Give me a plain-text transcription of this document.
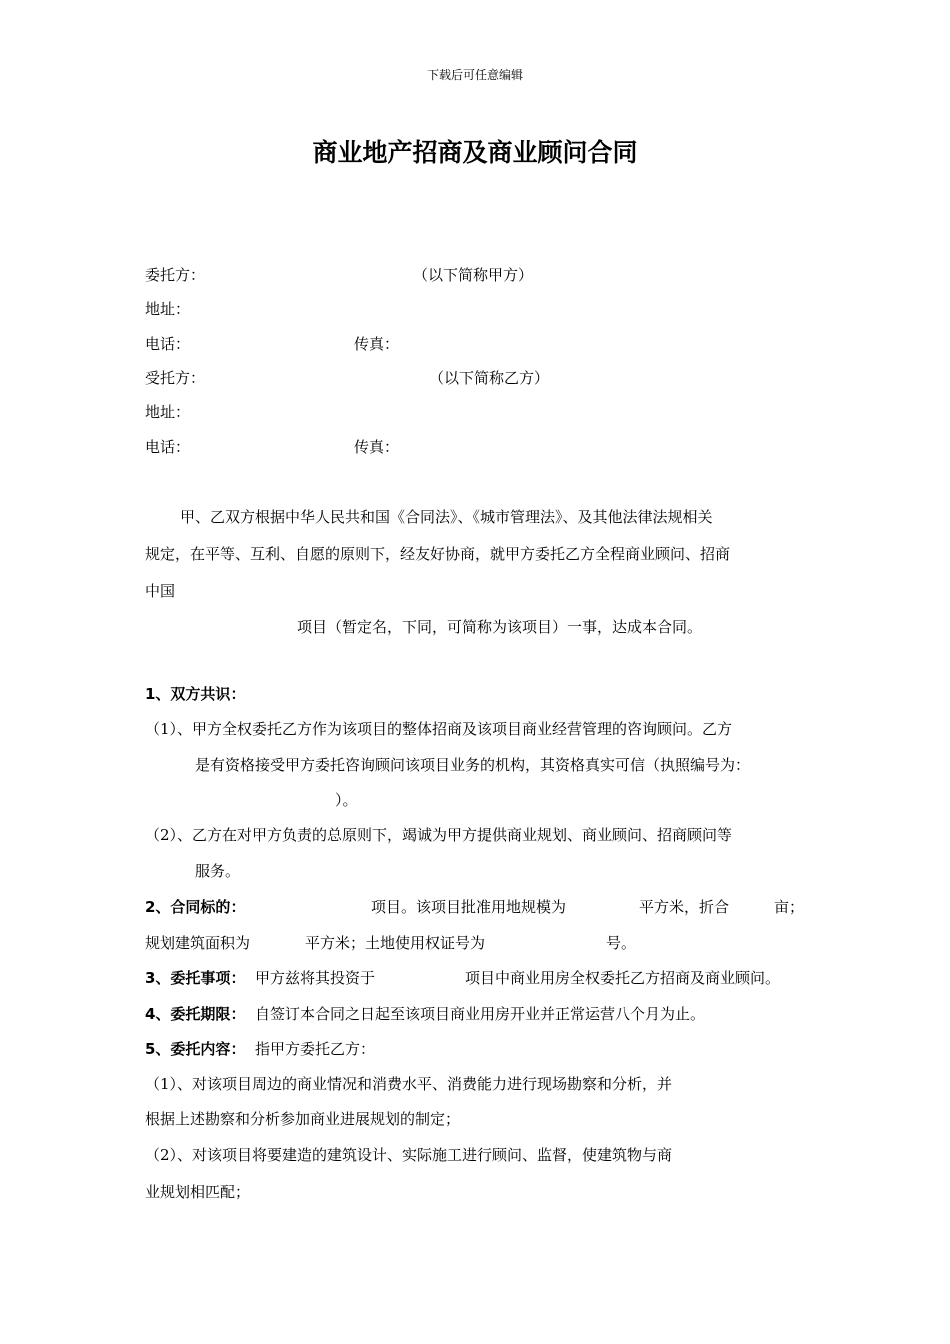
下载后可任意编辑
商业地产招商及商业顾问合同
委托方：	（以下简称甲方）
地址：
电话：	传真：
受托方：	（以下简称乙方）
地址：
电话：	传真：
甲、乙双方根据中华人民共和国《合同法》、《城市管理法》、及其他法律法规相关
规定，在平等、互利、自愿的原则下，经友好协商，就甲方委托乙方全程商业顾问、招商
中国
项目（暂定名，下同，可简称为该项目）一事，达成本合同。
1、双方共识：
（1）、甲方全权委托乙方作为该项目的整体招商及该项目商业经营管理的咨询顾问。乙方
是有资格接受甲方委托咨询顾问该项目业务的机构，其资格真实可信（执照编号为：
）。
（2）、乙方在对甲方负责的总原则下，竭诚为甲方提供商业规划、商业顾问、招商顾问等
服务。
2、合同标的：	项目。该项目批准用地规模为	平方米，折合	亩；
规划建筑面积为	平方米；土地使用权证号为	号。
3、委托事项： 甲方兹将其投资于	项目中商业用房全权委托乙方招商及商业顾问。
4、委托期限： 自签订本合同之日起至该项目商业用房开业并正常运营八个月为止。
5、委托内容： 指甲方委托乙方：
（1）、对该项目周边的商业情况和消费水平、消费能力进行现场勘察和分析，并
根据上述勘察和分析参加商业进展规划的制定；
（2）、对该项目将要建造的建筑设计、实际施工进行顾问、监督，使建筑物与商
业规划相匹配；
